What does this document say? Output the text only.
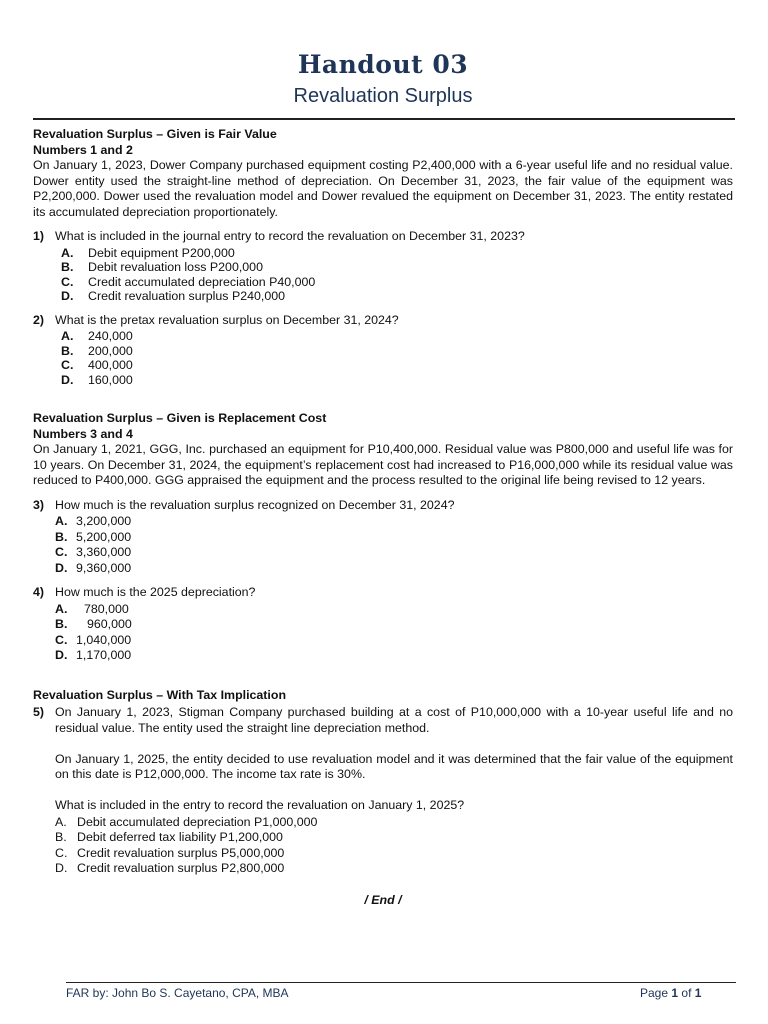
Handout 03
Revaluation Surplus
Revaluation Surplus – Given is Fair Value
Numbers 1 and 2

On January 1, 2023, Dower Company purchased equipment costing P2,400,000 with a 6-year useful life and no residual value. Dower entity used the straight-line method of depreciation. On December 31, 2023, the fair value of the equipment was P2,200,000. Dower used the revaluation model and Dower revalued the equipment on December 31, 2023. The entity restated its accumulated depreciation proportionately.

1) What is included in the journal entry to record the revaluation on December 31, 2023?
A.	Debit equipment P200,000
B.	Debit revaluation loss P200,000
C.	Credit accumulated depreciation P40,000
D.	Credit revaluation surplus P240,000
2) What is the pretax revaluation surplus on December 31, 2024?
A.	240,000
B.	200,000
C.	400,000
D.	160,000
Revaluation Surplus – Given is Replacement Cost
Numbers 3 and 4

On January 1, 2021, GGG, Inc. purchased an equipment for P10,400,000. Residual value was P800,000 and useful life was for 10 years. On December 31, 2024, the equipment’s replacement cost had increased to P16,000,000 while its residual value was reduced to P400,000. GGG appraised the equipment and the process resulted to the original life being revised to 12 years.

3) How much is the revaluation surplus recognized on December 31, 2024?
A. 3,200,000
B. 5,200,000
C. 3,360,000
D. 9,360,000
4) How much is the 2025 depreciation?
A.	780,000
B.	960,000
C. 1,040,000
D. 1,170,000
Revaluation Surplus – With Tax Implication
5) On January 1, 2023, Stigman Company purchased building at a cost of P10,000,000 with a 10-year useful life and no residual value. The entity used the straight line depreciation method.

On January 1, 2025, the entity decided to use revaluation model and it was determined that the fair value of the equipment on this date is P12,000,000. The income tax rate is 30%.

What is included in the entry to record the revaluation on January 1, 2025?

A. Debit accumulated depreciation P1,000,000
B. Debit deferred tax liability P1,200,000
C. Credit revaluation surplus P5,000,000
D. Credit revaluation surplus P2,800,000
/ End /
FAR by: John Bo S. Cayetano, CPA, MBA	Page 1 of 1
